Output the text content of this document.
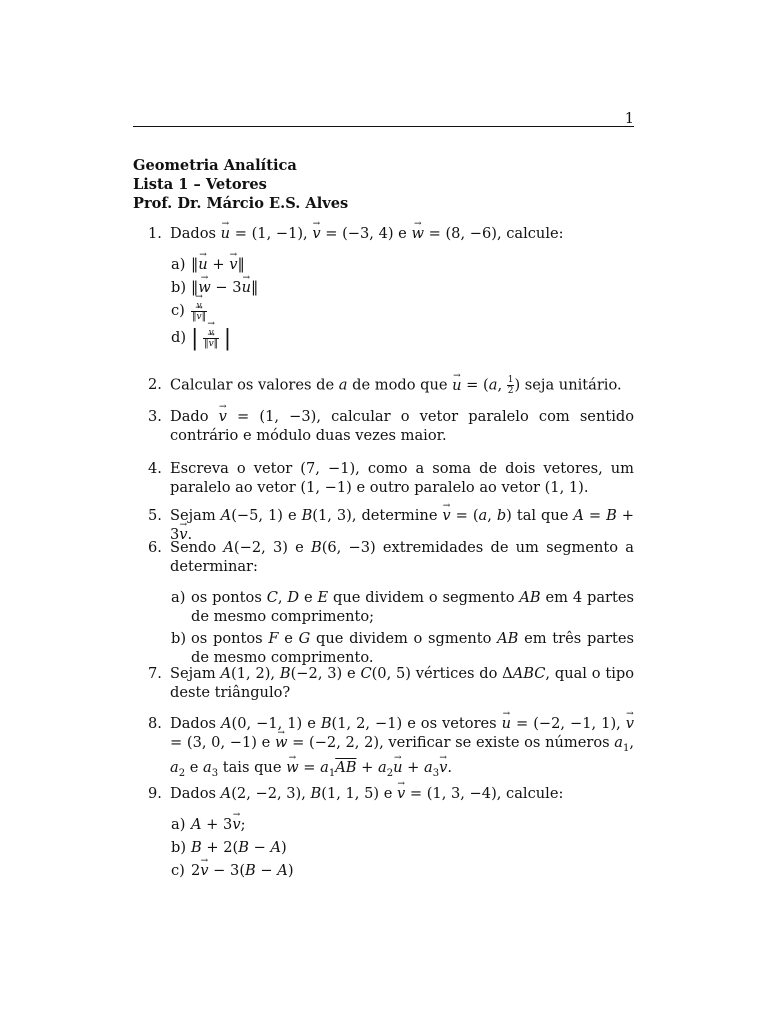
1
Geometria Analítica
Lista 1 – Vetores
Prof. Dr. Márcio E.S. Alves
1. Dados → u = (1, −1), → v = (−3, 4) e → w = (8, −6), calcule:
a) ‖→ u + → v‖
b) ‖→ w − 3→ u‖
$c) \to \frac{v}{‖\to v‖}$
d) | → $\frac{v}{‖\to v‖}$ |
2. Calcular os valores de a de modo que → u = (a, $\frac{1}{2}$ ) seja unitário.
3. Dado → v = (1, −3), calcular o vetor paralelo com sentido contrário e módulo duas vezes maior.
4. Escreva o vetor (7, −1), como a soma de dois vetores, um paralelo ao vetor (1, −1) e outro paralelo ao vetor (1, 1).
5. Sejam A(−5, 1) e B(1, 3), determine → v = (a, b) tal que A = B + 3→ v.
6. Sendo A(−2, 3) e B(6, −3) extremidades de um segmento a determinar:
a) os pontos C, D e E que dividem o segmento AB em 4 partes de mesmo comprimento;
b) os pontos F e G que dividem o sgmento AB em três partes de mesmo comprimento.
7. Sejam A(1, 2), B(−2, 3) e C(0, 5) vértices do ΔABC, qual o tipo deste triângulo?
8. Dados A(0, −1, 1) e B(1, 2, −1) e os vetores → u = (−2, −1, 1), → v = (3, 0, −1) e → w = (−2, 2, 2), verificar se existe os números $a_1$, $a_2$ e $a_3$ tais que → $w = a_1\overline{AB} + a_2\to u + a_3\to v$.
9. Dados A(2, −2, 3), B(1, 1, 5) e → v = (1, 3, −4), calcule:
a) A + 3→ v;
b) B + 2(B − A)
c) 2→ v − 3(B − A)
